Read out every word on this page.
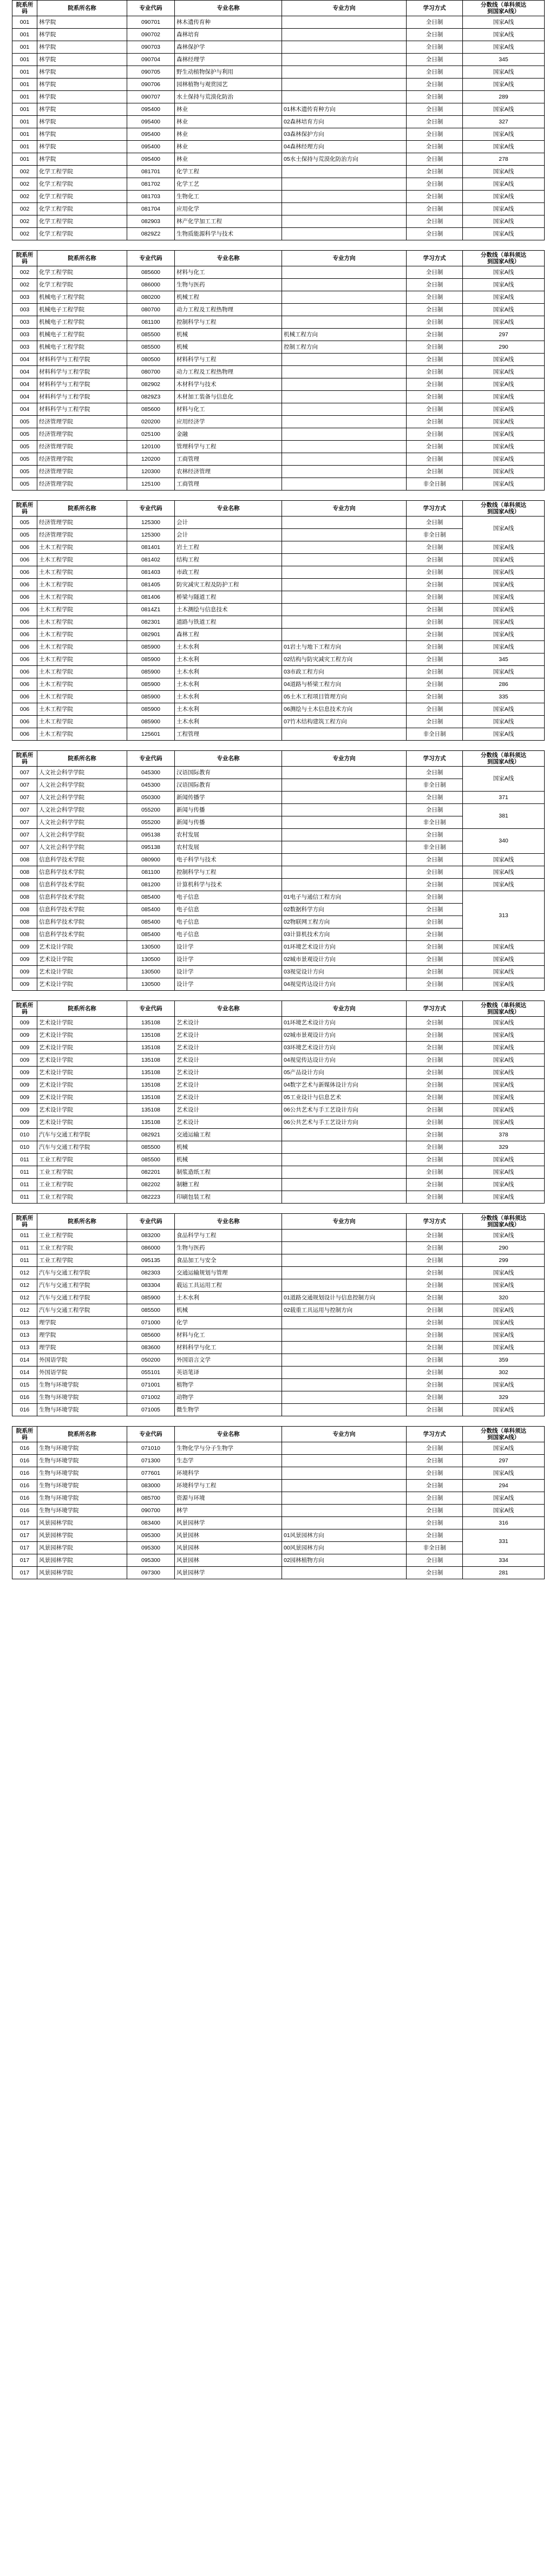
院系所
码
	院系所名称	专业代码	专业名称	专业方向	学习方式	
分数线（单科须达
到国家A线）

001	林学院	090701	林木遗传育种		全日制	国家A线
001	林学院	090702	森林培育		全日制	国家A线
001	林学院	090703	森林保护学		全日制	国家A线
001	林学院	090704	森林经理学		全日制	345
001	林学院	090705	野生动植物保护与利用		全日制	国家A线
001	林学院	090706	园林植物与观赏园艺		全日制	国家A线
001	林学院	090707	水土保持与荒漠化防治		全日制	289
001	林学院	095400	林业	01林木遗传育种方向	全日制	国家A线
001	林学院	095400	林业	02森林培育方向	全日制	327
001	林学院	095400	林业	03森林保护方向	全日制	国家A线
001	林学院	095400	林业	04森林经理方向	全日制	国家A线
001	林学院	095400	林业	05水土保持与荒漠化防治方向	全日制	278
002	化学工程学院	081701	化学工程		全日制	国家A线
002	化学工程学院	081702	化学工艺		全日制	国家A线
002	化学工程学院	081703	生物化工		全日制	国家A线
002	化学工程学院	081704	应用化学		全日制	国家A线
002	化学工程学院	082903	林产化学加工工程		全日制	国家A线
002	化学工程学院	0829Z2	生物质能源科学与技术		全日制	国家A线
院系所
码
	院系所名称	专业代码	专业名称	专业方向	学习方式	
分数线（单科须达
到国家A线）

002	化学工程学院	085600	材料与化工		全日制	国家A线
002	化学工程学院	086000	生物与医药		全日制	国家A线
003	机械电子工程学院	080200	机械工程		全日制	国家A线
003	机械电子工程学院	080700	动力工程及工程热物理		全日制	国家A线
003	机械电子工程学院	081100	控制科学与工程		全日制	国家A线
003	机械电子工程学院	085500	机械	机械工程方向	全日制	297
003	机械电子工程学院	085500	机械	控制工程方向	全日制	290
004	材料科学与工程学院	080500	材料科学与工程		全日制	国家A线
004	材料科学与工程学院	080700	动力工程及工程热物理		全日制	国家A线
004	材料科学与工程学院	082902	木材科学与技术		全日制	国家A线
004	材料科学与工程学院	0829Z3	木材加工装备与信息化		全日制	国家A线
004	材料科学与工程学院	085600	材料与化工		全日制	国家A线
005	经济管理学院	020200	应用经济学		全日制	国家A线
005	经济管理学院	025100	金融		全日制	国家A线
005	经济管理学院	120100	管理科学与工程		全日制	国家A线
005	经济管理学院	120200	工商管理		全日制	国家A线
005	经济管理学院	120300	农林经济管理		全日制	国家A线
005	经济管理学院	125100	工商管理		非全日制	国家A线
院系所
码
	院系所名称	专业代码	专业名称	专业方向	学习方式	
分数线（单科须达
到国家A线）

005	经济管理学院	125300	会计		全日制	国家A线
005	经济管理学院	125300	会计		非全日制	
006	土木工程学院	081401	岩土工程		全日制	国家A线
006	土木工程学院	081402	结构工程		全日制	国家A线
006	土木工程学院	081403	市政工程		全日制	国家A线
006	土木工程学院	081405	防灾减灾工程及防护工程		全日制	国家A线
006	土木工程学院	081406	桥梁与隧道工程		全日制	国家A线
006	土木工程学院	0814Z1	土木测绘与信息技术		全日制	国家A线
006	土木工程学院	082301	道路与铁道工程		全日制	国家A线
006	土木工程学院	082901	森林工程		全日制	国家A线
006	土木工程学院	085900	土木水利	01岩土与地下工程方向	全日制	国家A线
006	土木工程学院	085900	土木水利	02结构与防灾减灾工程方向	全日制	345
006	土木工程学院	085900	土木水利	03市政工程方向	全日制	国家A线
006	土木工程学院	085900	土木水利	04道路与桥梁工程方向	全日制	286
006	土木工程学院	085900	土木水利	05土木工程项目管理方向	全日制	335
006	土木工程学院	085900	土木水利	06测绘与土木信息技术方向	全日制	国家A线
006	土木工程学院	085900	土木水利	07竹木结构建筑工程方向	全日制	国家A线
006	土木工程学院	125601	工程管理		非全日制	国家A线
院系所
码
	院系所名称	专业代码	专业名称	专业方向	学习方式	
分数线（单科须达
到国家A线）

007	人文社会科学学院	045300	汉语国际教育		全日制	国家A线
007	人文社会科学学院	045300	汉语国际教育		非全日制	
007	人文社会科学学院	050300	新闻传播学		全日制	371
007	人文社会科学学院	055200	新闻与传播		全日制	381
007	人文社会科学学院	055200	新闻与传播		非全日制	
007	人文社会科学学院	095138	农村发展		全日制	340
007	人文社会科学学院	095138	农村发展		非全日制	
008	信息科学技术学院	080900	电子科学与技术		全日制	国家A线
008	信息科学技术学院	081100	控制科学与工程		全日制	国家A线
008	信息科学技术学院	081200	计算机科学与技术		全日制	国家A线
008	信息科学技术学院	085400	电子信息	01电子与通信工程方向	全日制	313
008	信息科学技术学院	085400	电子信息	02数据科学方向	全日制	
008	信息科学技术学院	085400	电子信息	02物联网工程方向	全日制	
008	信息科学技术学院	085400	电子信息	03计算机技术方向	全日制	
009	艺术设计学院	130500	设计学	01环境艺术设计方向	全日制	国家A线
009	艺术设计学院	130500	设计学	02城市景观设计方向	全日制	国家A线
009	艺术设计学院	130500	设计学	03视觉设计方向	全日制	国家A线
009	艺术设计学院	130500	设计学	04视觉传达设计方向	全日制	国家A线
院系所
码
	院系所名称	专业代码	专业名称	专业方向	学习方式	
分数线（单科须达
到国家A线）

009	艺术设计学院	135108	艺术设计	01环境艺术设计方向	全日制	国家A线
009	艺术设计学院	135108	艺术设计	02城市景观设计方向	全日制	国家A线
009	艺术设计学院	135108	艺术设计	03环境艺术设计方向	全日制	国家A线
009	艺术设计学院	135108	艺术设计	04视觉传达设计方向	全日制	国家A线
009	艺术设计学院	135108	艺术设计	05产品设计方向	全日制	国家A线
009	艺术设计学院	135108	艺术设计	04数字艺术与新媒体设计方向	全日制	国家A线
009	艺术设计学院	135108	艺术设计	05工业设计与信息艺术	全日制	国家A线
009	艺术设计学院	135108	艺术设计	06公共艺术与手工艺设计方向	全日制	国家A线
009	艺术设计学院	135108	艺术设计	06公共艺术与手工艺设计方向	全日制	国家A线
010	汽车与交通工程学院	082921	交通运输工程		全日制	378
010	汽车与交通工程学院	085500	机械		全日制	329
011	工业工程学院	085500	机械		全日制	国家A线
011	工业工程学院	082201	制浆造纸工程		全日制	国家A线
011	工业工程学院	082202	制糖工程		全日制	国家A线
011	工业工程学院	082223	印刷包装工程		全日制	国家A线
院系所
码
	院系所名称	专业代码	专业名称	专业方向	学习方式	
分数线（单科须达
到国家A线）

011	工业工程学院	083200	食品科学与工程		全日制	国家A线
011	工业工程学院	086000	生物与医药		全日制	290
011	工业工程学院	095135	食品加工与安全		全日制	299
012	汽车与交通工程学院	082303	交通运输规划与管理		全日制	国家A线
012	汽车与交通工程学院	083304	载运工具运用工程		全日制	国家A线
012	汽车与交通工程学院	085900	土木水利	01道路交通规划设计与信息控制方向	全日制	320
012	汽车与交通工程学院	085500	机械	02载重工具运用与控制方向	全日制	国家A线
013	理学院	071000	化学		全日制	国家A线
013	理学院	085600	材料与化工		全日制	国家A线
013	理学院	083600	材料科学与化工		全日制	国家A线
014	外国语学院	050200	外国语言文学		全日制	359
014	外国语学院	055101	英语笔译		全日制	302
015	生物与环境学院	071001	植物学		全日制	国家A线
016	生物与环境学院	071002	动物学		全日制	329
016	生物与环境学院	071005	微生物学		全日制	国家A线
院系所
码
	院系所名称	专业代码	专业名称	专业方向	学习方式	
分数线（单科须达
到国家A线）

016	生物与环境学院	071010	生物化学与分子生物学		全日制	国家A线
016	生物与环境学院	071300	生态学		全日制	297
016	生物与环境学院	077601	环境科学		全日制	国家A线
016	生物与环境学院	083000	环境科学与工程		全日制	294
016	生物与环境学院	085700	资源与环境		全日制	国家A线
016	生物与环境学院	090700	林学		全日制	国家A线
017	风景园林学院	083400	风景园林学		全日制	316
017	风景园林学院	095300	风景园林	01风景园林方向	全日制	331
017	风景园林学院	095300	风景园林	00风景园林方向	非全日制	
017	风景园林学院	095300	风景园林	02园林植物方向	全日制	334
017	风景园林学院	097300	风景园林学		全日制	281
